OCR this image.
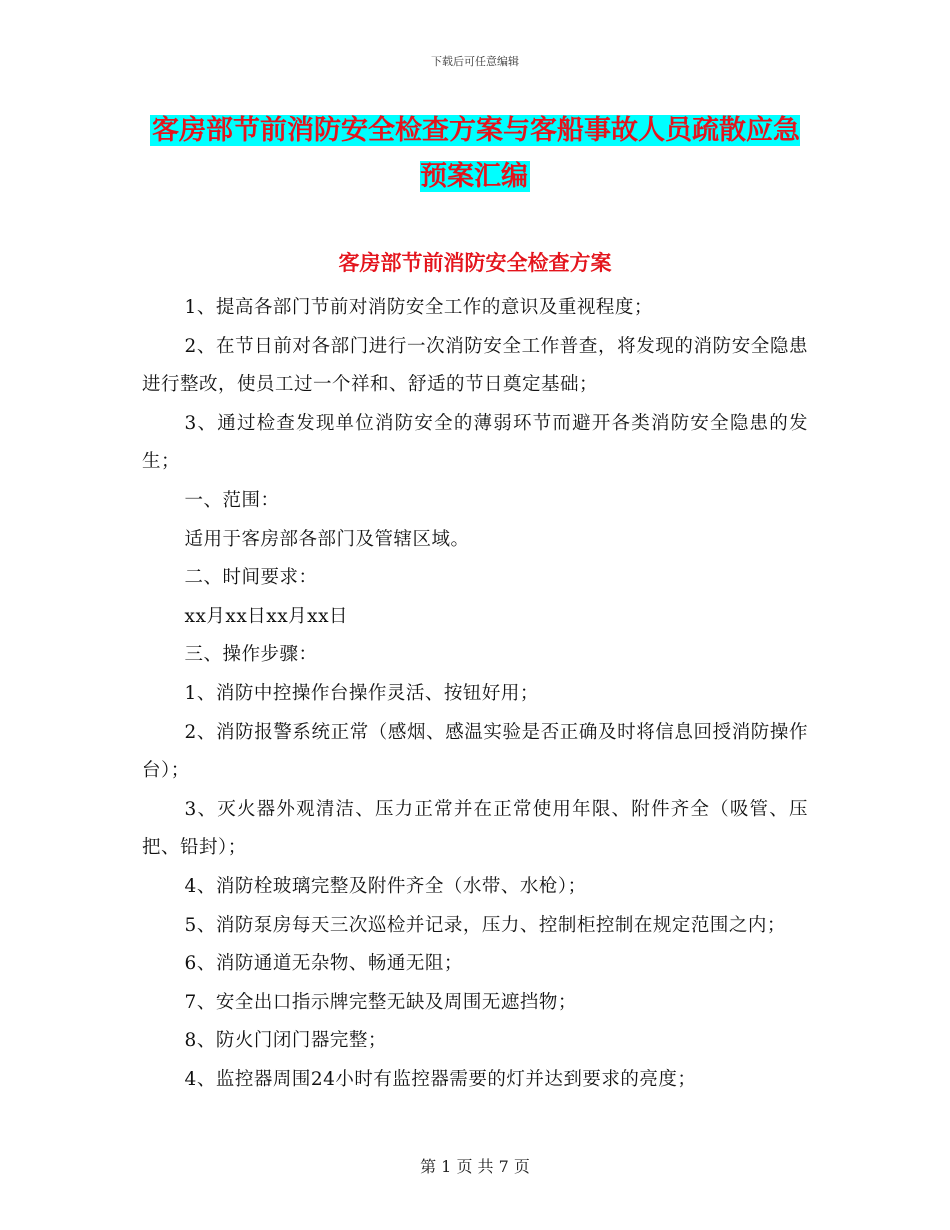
下载后可任意编辑
客房部节前消防安全检查方案与客船事故人员疏散应急预案汇编
客房部节前消防安全检查方案

1、提高各部门节前对消防安全工作的意识及重视程度；

2、在节日前对各部门进行一次消防安全工作普查，将发现的消防安全隐患进行整改，使员工过一个祥和、舒适的节日奠定基础；

3、通过检查发现单位消防安全的薄弱环节而避开各类消防安全隐患的发生；

一、范围：

适用于客房部各部门及管辖区域。

二、时间要求：

xx月xx日xx月xx日

三、操作步骤：

1、消防中控操作台操作灵活、按钮好用；

2、消防报警系统正常（感烟、感温实验是否正确及时将信息回授消防操作台）；

3、灭火器外观清洁、压力正常并在正常使用年限、附件齐全（吸管、压把、铅封）；

4、消防栓玻璃完整及附件齐全（水带、水枪）；

5、消防泵房每天三次巡检并记录，压力、控制柜控制在规定范围之内；

6、消防通道无杂物、畅通无阻；

7、安全出口指示牌完整无缺及周围无遮挡物；

8、防火门闭门器完整；

4、监控器周围24小时有监控器需要的灯并达到要求的亮度；

第 1 页 共 7 页
